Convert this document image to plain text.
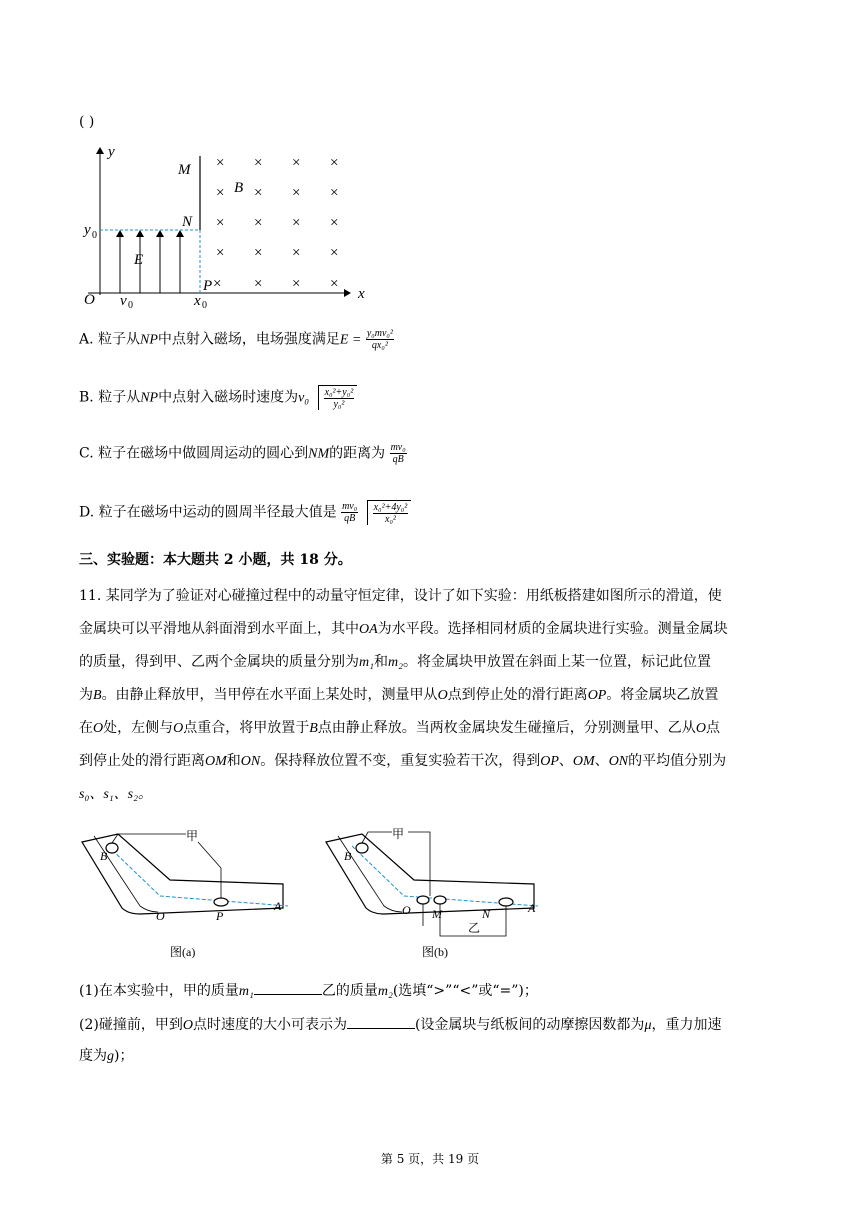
( )
× × × ×
× × × ×
× × × ×
× × × ×
× × × ×
y
M
B
N
y 0
E
P
O v 0	x 0
x
A. 粒子从NP中点射入磁场，电场强度满足$E = \frac{\text{y₀mv₀²}}{\text{qx₀²}}$
B. 粒子从NP中点射入磁场时速度为$v_0 \frac{\text{x₀²+y₀²}}{\text{y₀²}}$
C. 粒子在磁场中做圆周运动的圆心到NM的距离为 $\frac{\text{mv₀}}{qB}$
D. 粒子在磁场中运动的圆周半径最大值是 $\frac{\text{mv₀}}{qB}$
$\frac{\text{x₀²+4y₀²}}{\text{x₀²}}$
三、实验题：本大题共 2 小题，共 18 分。
11. 某同学为了验证对心碰撞过程中的动量守恒定律，设计了如下实验：用纸板搭建如图所示的滑道，使
金属块可以平滑地从斜面滑到水平面上，其中OA为水平段。选择相同材质的金属块进行实验。测量金属块
的质量，得到甲、乙两个金属块的质量分别为m₁和m₂。将金属块甲放置在斜面上某一位置，标记此位置
为B。由静止释放甲，当甲停在水平面上某处时，测量甲从O点到停止处的滑行距离OP。将金属块乙放置
在O处，左侧与O点重合，将甲放置于B点由静止释放。当两枚金属块发生碰撞后，分别测量甲、乙从O点
到停止处的滑行距离OM和ON。保持释放位置不变，重复实验若干次，得到OP、OM、ON的平均值分别为
s₀、s₁、s₂。
甲
B
O	P
A
图(a)
甲
乙
B
O M	N	A
图(b)
(1)在本实验中，甲的质量m₁	乙的质量m₂(选填“>”“<”或“=”)；
(2)碰撞前，甲到O点时速度的大小可表示为	(设金属块与纸板间的动摩擦因数都为μ，重力加速
度为g)；
第 5 页，共 19 页
